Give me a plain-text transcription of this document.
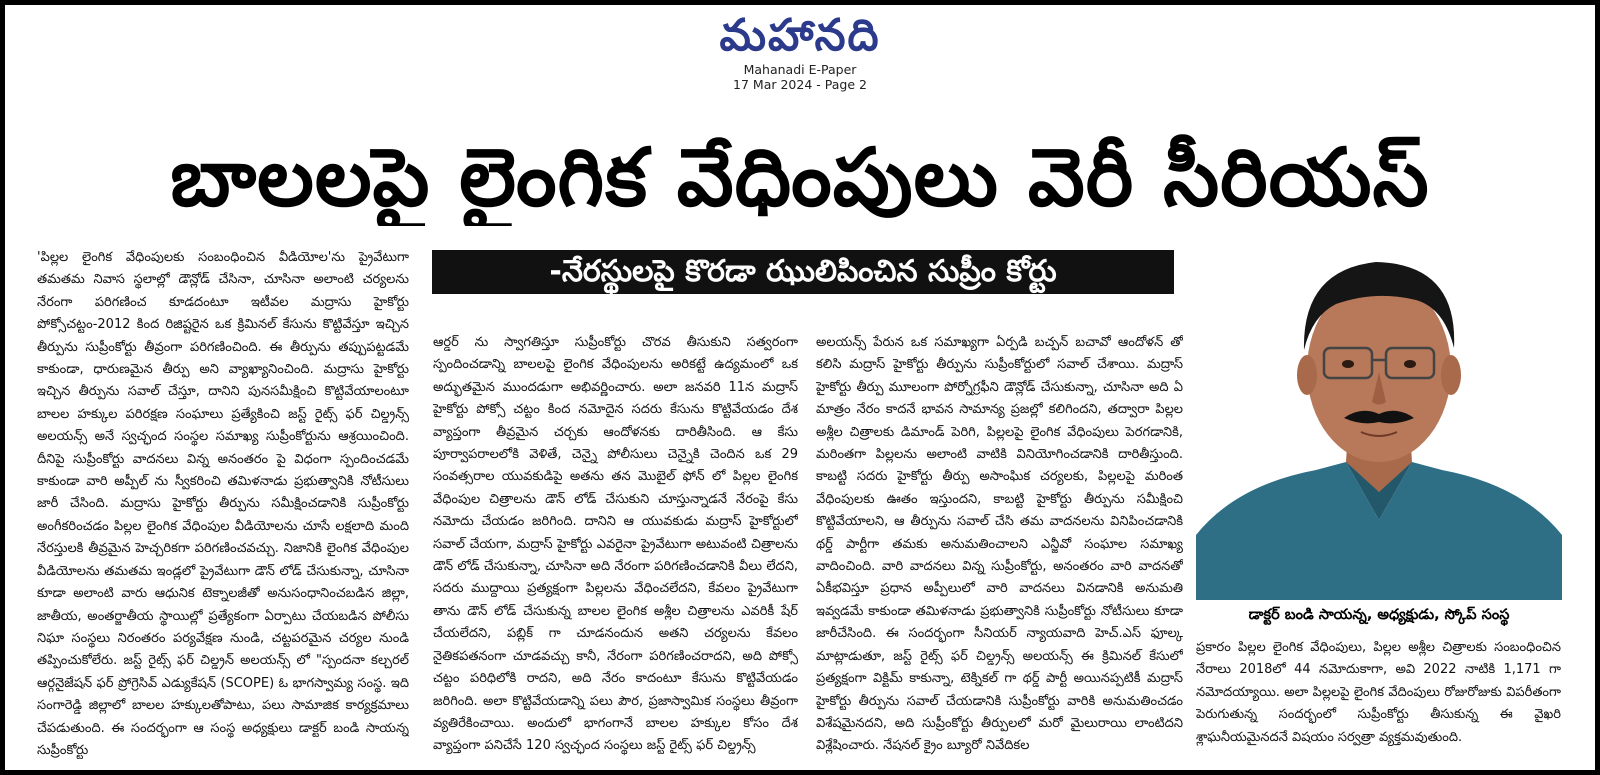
మహానది
Mahanadi E-Paper
17 Mar 2024 - Page 2
బాలలపై లైంగిక వేధింపులు వెరీ సీరియస్
-నేరస్థులపై కొరడా ఝులిపించిన సుప్రీం కోర్టు

'పిల్లల లైంగిక వేధింపులకు సంబంధించిన వీడియోల'ను ప్రైవేటుగా తమతమ నివాస స్థలాల్లో డౌన్లోడ్ చేసినా, చూసినా అలాంటి చర్యలను నేరంగా పరిగణించ కూడదంటూ ఇటీవల మద్రాసు హైకోర్టు పోక్సోచట్టం-2012 కింద రిజిష్టరైన ఒక క్రిమినల్ కేసును కొట్టివేస్తూ ఇచ్చిన తీర్పును సుప్రీంకోర్టు తీవ్రంగా పరిగణించింది. ఈ తీర్పును తప్పుపట్టడమే కాకుండా, ధారుణమైన తీర్పు అని వ్యాఖ్యానించింది. మద్రాసు హైకోర్టు ఇచ్చిన తీర్పును సవాల్ చేస్తూ, దానిని పునసమీక్షించి కొట్టివేయాలంటూ బాలల హక్కుల పరిరక్షణ సంఘాలు ప్రత్యేకించి జస్ట్ రైట్స్ ఫర్ చిల్డ్రన్స్ అలయన్స్ అనే స్వచ్ఛంద సంస్థల సమాఖ్య సుప్రీంకోర్టును ఆశ్రయించింది. దీనిపై సుప్రీంకోర్టు వాదనలు విన్న అనంతరం పై విధంగా స్పందించడమే కాకుండా వారి అప్పీల్ ను స్వీకరించి తమిళనాడు ప్రభుత్వానికి నోటీసులు జారీ చేసింది. మద్రాసు హైకోర్టు తీర్పును సమీక్షించడానికి సుప్రీంకోర్టు అంగీకరించడం పిల్లల లైంగిక వేధింపుల వీడియోలను చూసే లక్షలాది మంది నేరస్తులకి తీవ్రమైన హెచ్చరికగా పరిగణించవచ్చు. నిజానికి లైంగిక వేధింపుల వీడియోలను తమతమ ఇండ్లలో ప్రైవేటుగా డౌన్ లోడ్ చేసుకున్నా, చూసినా కూడా అలాంటి వారు ఆధునిక టెక్నాలజీతో అనుసంధానించబడిన జిల్లా, జాతీయ, అంతర్జాతీయ స్థాయిల్లో ప్రత్యేకంగా ఏర్పాటు చేయబడిన పోలీసు నిఘా సంస్థలు నిరంతరం పర్యవేక్షణ నుండి, చట్టపరమైన చర్యల నుండి తప్పించుకోలేరు. జస్ట్ రైట్స్ ఫర్ చిల్డ్రన్ అలయన్స్ లో "స్పందనా కల్చరల్ ఆర్గనైజేషన్ ఫర్ ప్రోగ్రెసివ్ ఎడ్యుకేషన్ (SCOPE) ఓ భాగస్వామ్య సంస్థ. ఇది సంగారెడ్డి జిల్లాలో బాలల హక్కులతోపాటు, పలు సామాజిక కార్యక్రమాలు చేపడుతుంది. ఈ సందర్భంగా ఆ సంస్థ అధ్యక్షులు డాక్టర్ బండి సాయన్న సుప్రీంకోర్టు

ఆర్డర్ ను స్వాగతిస్తూ సుప్రీంకోర్టు చొరవ తీసుకుని సత్వరంగా స్పందించడాన్ని బాలలపై లైంగిక వేధింపులను అరికట్టే ఉద్యమంలో ఒక అద్భుతమైన ముందడుగా అభివర్ణించారు. అలా జనవరి 11న మద్రాస్ హైకోర్టు పోక్సో చట్టం కింద నమోదైన సదరు కేసును కొట్టివేయడం దేశ వ్యాప్తంగా తీవ్రమైన చర్చకు ఆందోళనకు దారితీసింది. ఆ కేసు పూర్వాపరాలలోకి వెళితే, చెన్నై పోలీసులు చెన్నైకి చెందిన ఒక 29 సంవత్సరాల యువకుడిపై అతను తన మొబైల్ ఫోన్ లో పిల్లల లైంగిక వేధింపుల చిత్రాలను డౌన్ లోడ్ చేసుకుని చూస్తున్నాడనే నేరంపై కేసు నమోదు చేయడం జరిగింది. దానిని ఆ యువకుడు మద్రాస్ హైకోర్టులో సవాల్ చేయగా, మద్రాస్ హైకోర్టు ఎవరైనా ప్రైవేటుగా అటువంటి చిత్రాలను డౌన్ లోడ్ చేసుకున్నా, చూసినా అది నేరంగా పరిగణించడానికి వీలు లేదని, సదరు ముద్దాయి ప్రత్యక్షంగా పిల్లలను వేధించలేదని, కేవలం ప్రైవేటుగా తాను డౌన్ లోడ్ చేసుకున్న బాలల లైంగిక అశ్లీల చిత్రాలను ఎవరికీ షేర్ చేయలేదని, పబ్లిక్ గా చూడనందున అతని చర్యలను కేవలం నైతికపతనంగా చూడవచ్చు కానీ, నేరంగా పరిగణించరాదని, అది పోక్సో చట్టం పరిధిలోకి రాదని, అది నేరం కాదంటూ కేసును కొట్టివేయడం జరిగింది. అలా కొట్టివేయడాన్ని పలు పౌర, ప్రజాస్వామిక సంస్థలు తీవ్రంగా వ్యతిరేకించాయి. అందులో భాగంగానే బాలల హక్కుల కోసం దేశ వ్యాప్తంగా పనిచేసే 120 స్వచ్ఛంద సంస్థలు జస్ట్ రైట్స్ ఫర్ చిల్డ్రన్స్

అలయన్స్ పేరున ఒక సమాఖ్యగా ఏర్పడి బచ్పన్ బచావో ఆందోళన్ తో కలిసి మద్రాస్ హైకోర్టు తీర్పును సుప్రీంకోర్టులో సవాల్ చేశాయి. మద్రాస్ హైకోర్టు తీర్పు మూలంగా పోర్నోగ్రఫీని డౌన్లోడ్ చేసుకున్నా, చూసినా అది ఏ మాత్రం నేరం కాదనే భావన సామాన్య ప్రజల్లో కలిగిందని, తద్వారా పిల్లల అశ్లీల చిత్రాలకు డిమాండ్ పెరిగి, పిల్లలపై లైంగిక వేధింపులు పెరగడానికి, మరింతగా పిల్లలను అలాంటి వాటికి వినియోగించడానికి దారితీస్తుంది. కాబట్టి సదరు హైకోర్టు తీర్పు అసాంఘిక చర్యలకు, పిల్లలపై మరింత వేధింపులకు ఊతం ఇస్తుందని, కాబట్టి హైకోర్టు తీర్పును సమీక్షించి కొట్టివేయాలని, ఆ తీర్పును సవాల్ చేసి తమ వాదనలను వినిపించడానికి థర్డ్ పార్టీగా తమకు అనుమతించాలని ఎన్జీవో సంఘాల సమాఖ్య వాదించింది. వారి వాదనలు విన్న సుప్రీంకోర్టు, అనంతరం వారి వాదనతో ఏకీభవిస్తూ ప్రధాన అప్పీలులో వారి వాదనలు వినడానికి అనుమతి ఇవ్వడమే కాకుండా తమిళనాడు ప్రభుత్వానికి సుప్రీంకోర్టు నోటీసులు కూడా జారీచేసింది. ఈ సందర్భంగా సీనియర్ న్యాయవాది హెచ్.ఎస్ ఫూల్క మాట్లాడుతూ, జస్ట్ రైట్స్ ఫర్ చిల్డ్రన్స్ అలయన్స్ ఈ క్రిమినల్ కేసులో ప్రత్యక్షంగా విక్టిమ్ కాకున్నా, టెక్నికల్ గా థర్డ్ పార్టీ అయినప్పటికీ మద్రాస్ హైకోర్టు తీర్పును సవాల్ చేయడానికి సుప్రీంకోర్టు వారికి అనుమతించడం విశేషమైనదని, అది సుప్రీంకోర్టు తీర్పులలో మరో మైలురాయి లాంటిదని విశ్లేషించారు. నేషనల్ క్రైం బ్యూరో నివేదికల

డాక్టర్ బండి సాయన్న, అధ్యక్షుడు, స్కోప్ సంస్థ

ప్రకారం పిల్లల లైంగిక వేధింపులు, పిల్లల అశ్లీల చిత్రాలకు సంబంధించిన నేరాలు 2018లో 44 నమోదుకాగా, అవి 2022 నాటికి 1,171 గా నమోదయ్యాయి. అలా పిల్లలపై లైంగిక వేదింపులు రోజురోజుకు విపరీతంగా పెరుగుతున్న సందర్భంలో సుప్రీంకోర్టు తీసుకున్న ఈ వైఖరి శ్లాఘనీయమైనదనే విషయం సర్వత్రా వ్యక్తమవుతుంది.
